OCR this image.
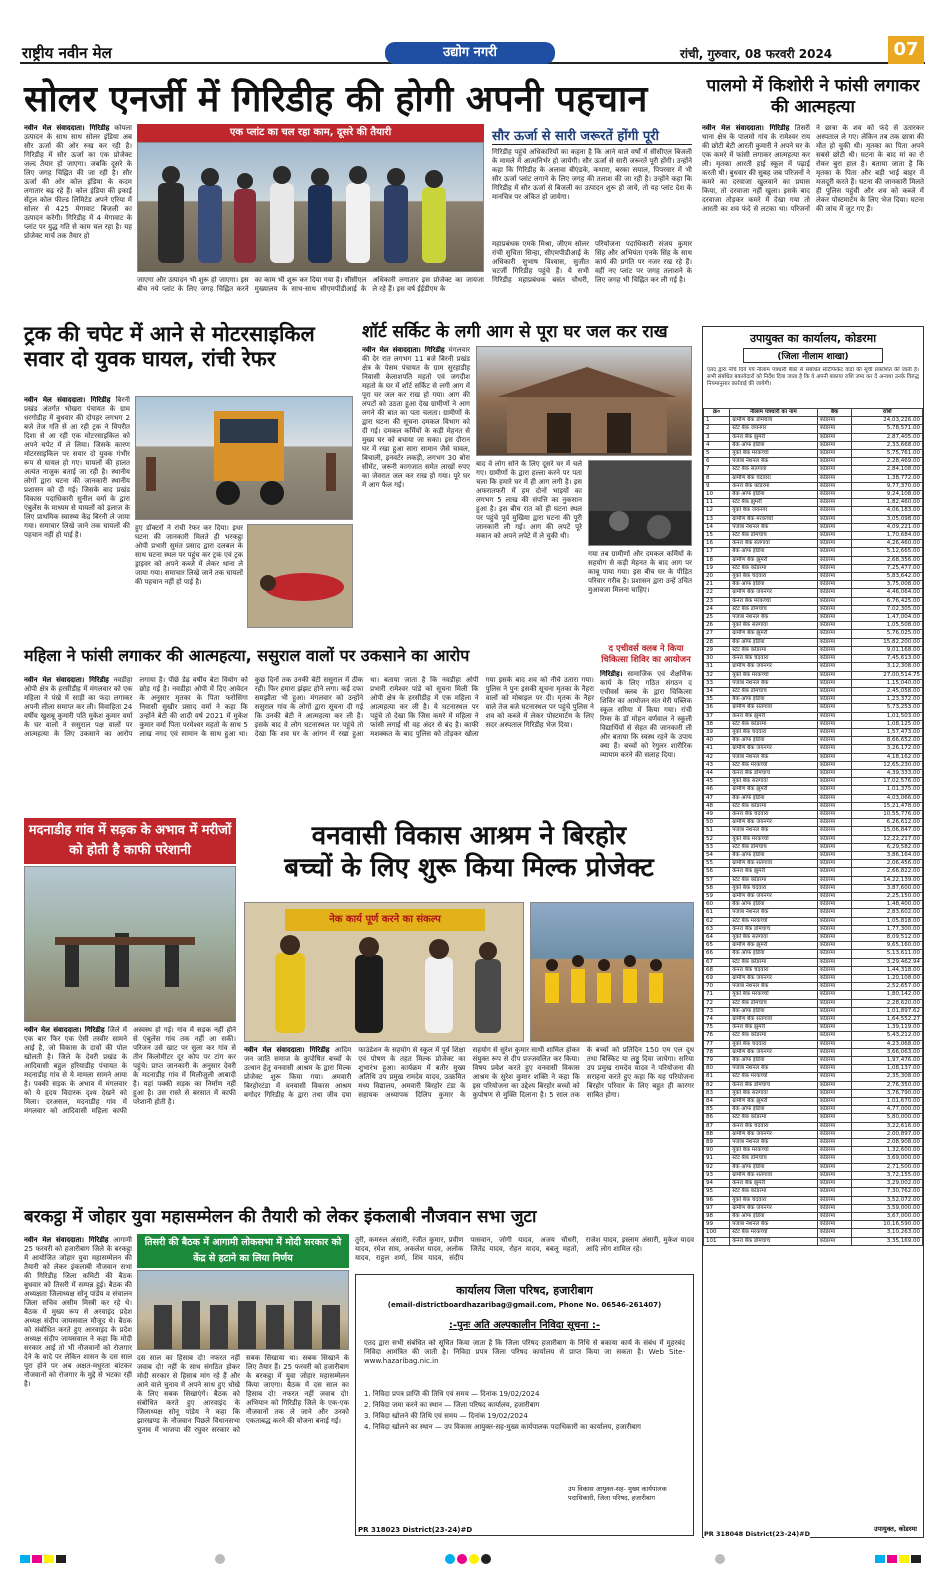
राष्ट्रीय नवीन मेल	उद्योग नगरी	रांची, गुरुवार, 08 फरवरी 2024	07
सोलर एनर्जी में गिरिडीह की होगी अपनी पहचान
नवीन मेल संवाददाता। गिरिडीह कोयला उत्पादन के साथ साथ सोलर इंडिया अब सौर ऊर्जा की ओर रुख कर रही है। गिरिडीह में सौर ऊर्जा का एक प्रोजेक्ट जल्द तैयार हो जाएगा। जबकि दूसरे के लिए जगह चिह्नित की जा रही है। सौर ऊर्जा की ओर कोल इंडिया के कदम लगातार बढ़ रहे हैं। कोल इंडिया की इकाई सेंट्रल कोल फील्ड लिमिटेड अपने एरिया में सोलर से 425 मेगावाट बिजली का उत्पादन करेगी। गिरिडीह में 4 मेगावाट के प्लांट पर युद्ध गति से काम चल रहा है। यह प्रोजेक्ट मार्च तक तैयार हो
एक प्लांट का चल रहा काम, दूसरे की तैयारी
जाएगा और उत्पादन भी शुरू हो जाएगा। इस बीच नये प्लांट के लिए जगह चिह्नित करने का काम भी शुरू कर दिया गया है। सीसीएल मुख्यालय के साथ-साथ सीएमपीडीआई के अधिकारी लगातार इस प्रोजेक्ट का जायजा ले रहे हैं। इस वर्ष ईईडीएम के
सौर ऊर्जा से सारी जरूरतें होंगी पूरी
गिरिडीह पहुंचे अधिकारियों का कहना है कि आने वाले वर्षों में सीसीएल बिजली के मामले में आत्मनिर्भर हो जायेगी। सौर ऊर्जा से सारी जरूरतें पूरी होंगी। उन्होंने कहा कि गिरिडीह के अलावा बीएंडके, कथारा, बरका सयाल, पिपरवार में भी सौर ऊर्जा प्लांट लगाने के लिए जगह की तलाश की जा रही है। उन्होंने कहा कि गिरिडीह में सौर ऊर्जा से बिजली का उत्पादन शुरू हो जाये, तो यह प्लांट देश के मानचित्र पर अंकित हो जायेगा।
महाप्रबंधक एमके मिश्रा, जीएम सोलर रांची सुचिता सिन्हा, सीएमपीडीआई के अधिकारी सुभाष विश्वास, सुजीत चटर्जी गिरिडीह पहुंचे हैं। ये सभी गिरिडीह महाप्रबंधक बसंत चौधरी, परियोजना पदाधिकारी संजय कुमार सिंह और अभियंता एनके सिंह के साथ कार्य की प्रगति पर नजर रख रहे हैं। वहीं नए प्लांट पर जगह तलाशने के लिए जगह भी चिह्नित कर ली गई है।
पालमो में किशोरी ने फांसी लगाकर की आत्महत्या
नवीन मेल संवाददाता। गिरिडीह तिसरी थाना क्षेत्र के पालमो गांव के रामेश्वर राय की छोटी बेटी आरती कुमारी ने अपने घर के एक कमरे में फांसी लगाकर आत्महत्या कर ली। मृतका आरती हाई स्कूल में पढ़ाई करती थी। बुधवार की सुबह जब परिजनों ने कमरे का दरवाजा खुलवाने का प्रयास किया, तो दरवाजा नहीं खुला। इसके बाद दरवाजा तोड़कर कमरे में देखा गया तो आरती का शव फंदे से लटका था। परिजनों ने छात्रा के शव को फंदे से उतारकर अस्पताल ले गए। लेकिन तब तक छात्रा की मौत हो चुकी थी। मृतका का पिता अपने सबसे छोटी थी। घटना के बाद मां का रो रोकर बुरा हाल है। बताया जाता है कि मृतका के पिता और बड़ी भाई बाहर में मजदूरी करते हैं। घटना की जानकारी मिलते ही पुलिस पहुंची और शव को कब्जे में लेकर पोस्टमार्टम के लिए भेज दिया। घटना की जांच में जुट गए हैं।
ट्रक की चपेट में आने से मोटरसाइकिल सवार दो युवक घायल, रांची रेफर
नवीन मेल संवाददाता। गिरिडीह बिरनी प्रखंड अंतर्गत भोखरा पंचायत के ग्राम धरगोडीह में बुधवार की दोपहर लगभग 2 बजे तेज गति से आ रही ट्रक ने विपरीत दिशा से आ रही एक मोटरसाइकिल को अपने चपेट में ले लिया। जिसके कारण मोटरसाइकिल पर सवार दो युवक गंभीर रूप से घायल हो गए। घायलों की हालत अत्यंत नाजुक बताई जा रही है। स्थानीय लोगों द्वारा घटना की जानकारी स्थानीय प्रशासन को दी गई। जिसके बाद प्रखंड विकास पदाधिकारी सुनील वर्मा के द्वारा एंबुलेंस के माध्यम से घायलों को इलाज के लिए प्राथमिक स्वास्थ्य केंद्र बिरनी ले जाया गया। समाचार लिखे जाने तक घायलों की पहचान नहीं हो पाई है।
हुए डॉक्टरों ने रांची रेफर कर दिया। इधर घटना की जानकारी मिलते ही भरकट्ठा ओपी प्रभारी सुमंत प्रसाद द्वारा दलबल के साथ घटना स्थल पर पहुंच कर ट्रक एवं ट्रक ड्राइवर को अपने कब्जे में लेकर थाना ले जाया गया। समाचार लिखे जाने तक घायलों की पहचान नहीं हो पाई है।
शॉर्ट सर्किट के लगी आग से पूरा घर जल कर राख
नवीन मेल संवाददाता। गिरिडीह मंगलवार की देर रात लगभग 11 बजे बिरनी प्रखंड क्षेत्र के पेसम पंचायत के ग्राम सुरहाडीह निवासी केलाशपति महतो एवं जगदीश महतो के घर में शॉर्ट सर्किट से लगी आग में पूरा घर जल कर राख हो गया। आग की लपटों को उठता हुआ देख ग्रामीणों ने आग लगने की बात का पता चलता। ग्रामीणों के द्वारा घटना की सूचना दमकल विभाग को दी गई। दमकल कर्मियों के कड़ी मेहनत से मुख्य घर को बचाया जा सका। इस दौरान घर में रखा हुआ सारा सामान जैसे चावल, बिचाली, इनवर्टर लकड़ी, लगभग 30 बोरा सीमेंट, जरूरी कागजात समेत लाखों रुपए का जेवरात जल कर राख हो गया। पूरे घर में आग फैल गई।
बाद वे लोग सोने के लिए दूसरे घर में चले गए। ग्रामीणों के द्वारा हल्ला करने पर पता चला कि हमारे घर में ही आग लगी है। इस अफरातफरी में हम दोनों भाइयों का लगभग 5 लाख की संपत्ति का नुकसान हुआ है। इस बीच रात को ही घटना स्थल पर पहुंचे पूर्व मुखिया द्वारा घटना की पूरी जानकारी ली गई। आग की लपटें पूरे मकान को अपने लपेटे में ले चुकी थी।
गया तब ग्रामीणों और दमकल कर्मियों के सहयोग से कड़ी मेहनत के बाद आग पर काबू पाया गया। इस बीच घर के पीड़ित परिवार गरीब है। प्रशासन द्वारा उन्हें उचित मुआवजा मिलना चाहिए।
महिला ने फांसी लगाकर की आत्महत्या, ससुराल वालों पर उकसाने का आरोप
नवीन मेल संवाददाता। गिरिडीह नवडीहा ओपी क्षेत्र के हरसीडीह में मंगलवार को एक महिला ने पंखे में साड़ी का फंदा लगाकर अपनी लीला समाप्त कर ली। विवाहिता 24 वर्षीय खुशबू कुमारी पति मुकेश कुमार वर्मा के घर वालों ने ससुराल पक्ष वालों पर आत्महत्या के लिए उकसाने का आरोप लगाया है। पीछे डेढ़ वर्षीय बेटा वियोग को छोड़ गई है। नवडीहा ओपी में दिए आवेदन के अनुसार मृतका के पिता फरोसिंगा निवासी सुखीर प्रसाद वर्मा ने कहा कि उन्होंने बेटी की शादी वर्ष 2021 में मुकेश कुमार वर्मा पिता परमेश्वर महतो के साथ 5 लाख नगद एवं सामान के साथ हुआ था। कुछ दिनों तक उनकी बेटी ससुराल में ठीक रही। फिर हमारा झंझट होने लगा। कई दफा समझौता भी हुआ। मंगलवार को उन्होंने ससुराल गांव के लोगों द्वारा सूचना दी गई कि उनकी बेटी ने आत्महत्या कर ली है। इसके बाद वे लोग घटनास्थल पर पहुंचे तो देखा कि शव घर के आंगन में रखा हुआ था। बताया जाता है कि नवडीहा ओपी प्रभारी रामेश्वर पांडे को सूचना मिली कि ओपी क्षेत्र के हरसीडीह में एक महिला ने आत्महत्या कर ली है। ये घटनास्थल पर पहुंचे तो देखा कि जिस कमरे में महिला ने फांसी लगाई थी वह अंदर से बंद है। काफी मशक्कत के बाद पुलिस को तोड़कर खोला गया इसके बाद शव को नीचे उतारा गया। पुलिस ने पुनः इसकी सूचना मृतका के नैहरा वालों को मोबाइल पर दी। मृतक के नैहर वाले तेज बजे घटनास्थल पर पहुंचे पुलिस ने शव को कब्जे में लेकर पोस्टमार्टम के लिए सदर अस्पताल गिरिडीह भेज दिया।
द एचीवर्स क्लब ने किया चिकित्सा शिविर का आयोजन
गिरिडीह। सामाजिक एवं शैक्षणिक कार्य के लिए गठित संगठन द एचीवर्स क्लब के द्वारा चिकित्सा शिविर का आयोजन संत मेरी पब्लिक स्कूल सरिया में किया गया। रांची रिम्स के डॉ मोहन वर्णवाल ने स्कूली विद्यार्थियों से सेहत की जानकारी ली और बताया कि स्वस्थ रहने के उपाय क्या हैं। बच्चों को रेगुलर शारीरिक व्यायाम करने की सलाह दिया।
मदनाडीह गांव में सड़क के अभाव में मरीजों को होती है काफी परेशानी
नवीन मेल संवाददाता। गिरिडीह जिले में एक बार फिर एक ऐसी तस्वीर सामने आई है, जो विकास के दावों की पोल खोलती है। जिले के देवरी प्रखंड के आदिवासी बहुल हरियाडीह पंचायत के मदनाडीह गांव से ये मामला सामने आया है। पक्की सड़क के अभाव में मंगलवार को ये हृदय विदारक दृश्य देखने को मिला। दरअसल, मदनाडीह गांव में मंगलवार को आदिवासी महिला काफी अस्वस्थ हो गई। गांव में सड़क नहीं होने से एंबुलेंस गांव तक नहीं आ सकी। परिजन उसे खाट पर सुला कर गांव से तीन किलोमीटर दूर कोप पर टांग कर पहुंचे। प्राप्त जानकारी के अनुसार देवरी के मदनाडीह गांव में मिलीजुली आबादी है। यहां पक्की सड़क का निर्माण नहीं हुआ है। उस रास्ते से बरसात में काफी परेशानी होती है।
वनवासी विकास आश्रम ने बिरहोर
बच्चों के लिए शुरू किया मिल्क प्रोजेक्ट
नेक कार्य पूर्ण करने का संकल्प
नवीन मेल संवाददाता। गिरिडीह आदिम जन जाति समाज के कुपोषित बच्चों के उत्थान हेतु वनवासी आश्रम के द्वारा मिल्क प्रोजेक्ट शुरू किया गया। अमवारी बिरहोरटंडा में वनवासी विकास आश्रम बगोदर गिरिडीह के द्वारा तथा जीव दया फाउंडेशन के सहयोग से स्कूल में पूर्व शिक्षा एवं पोषण के तहत मिल्क प्रोजेक्ट का शुभारंभ हुआ। कार्यक्रम में बतौर मुख्य अतिथि उप प्रमुख रामदेव यादव, उत्क्रमित मध्य विद्यालय, अमवारी बिरहोर टंडा के सहायक अध्यापक दिलिप कुमार के सहयोग से सुरेश कुमार साथी शामिल होकर संयुक्त रूप से दीप प्रज्जवलित कर किया। विषय प्रवेश करते हुए वनवासी विकास आश्रम के सुरेश कुमार शक्ति ने कहा कि इस परियोजना का उद्देश्य बिरहोर बच्चों को कुपोषण से मुक्ति दिलाना है। 5 साल तक के बच्चों को प्रतिदिन 150 एम एल दूध तथा बिस्किट या लड्डू दिया जायेगा। सरिया उप प्रमुख रामदेव यादव ने परियोजना की सराहना करते हुए कहा कि यह परियोजना बिरहोर परिवार के लिए बहुत ही कारगर साबित होगा।
बरकट्ठा में जोहार युवा महासम्मेलन की तैयारी को लेकर इंकलाबी नौजवान सभा जुटा
नवीन मेल संवाददाता। गिरिडीह आगामी 25 फरवरी को हजारीबाग जिले के बरकट्ठा में आयोजित जोहार युवा महासम्मेलन की तैयारी को लेकर इंकलाबी नौजवान सभा की गिरिडीह जिला कमिटी की बैठक बुधवार को तिसरी में सम्पन्न हुई। बैठक की अध्यक्षता जिलाध्यक्ष सोनू पांडेय व संचालन जिला सचिव असीम मिस्त्री कर रहे थे। बैठक में मुख्य रूप से अरवाइंद प्रदेश अध्यक्ष संदीप जायसवाल मौजूद थे। बैठक को संबोधित करते हुए आरवाइंद के प्रदेश अध्यक्ष संदीप जायसवाल ने कहा कि मोदी सरकार आई तो भी नौजवानों को रोजगार देने के वादे पर लेकिन शासन के दस साल पूरा होने पर अब अक्षत-मधुरता बांटकर नौजवानों को रोजगार के मुद्दे से भटका रही है।
तिसरी की बैठक में आगामी लोकसभा में मोदी सरकार को केंद्र से हटाने का लिया निर्णय
दस साल का हिसाब दो! नफरत नहीं जवाब दो! नहीं के साथ संगठित होकर मोदी सरकार से हिसाब मांग रहे हैं और आने वाले चुनाव में अपने साथ हुए धोखे के लिए सबक सिखाएंगे। बैठक को संबोधित करते हुए आरवाइंद के जिलाध्यक्ष सोनू पांडेय ने कहा कि झारखण्ड के नौजवान पिछले विधानसभा चुनाव में भाजपा की रघुवर सरकार को सबक सिखाया था। सबक सिखाने के लिए तैयार हैं। 25 फरवरी को हजारीबाग के बरकट्ठा में युवा जोहार महासम्मेलन किया जाएगा। बैठक में दस साल का हिसाब दो! नफरत नहीं जवाब दो! अभियान को गिरिडीह जिले के एक-एक नौजवानों तक ले जाने और उनको एकताबद्ध करने की योजना बनाई गई।
तुरी, कमरुल अंसारी, रंजीत कुमार, प्रवीण यादव, रमेश साव, अकलेश यादव, अलोक यादव, राहुल शर्मा, शिव यादव, संदीप पासवान, जोगी यादव, अजय चौधरी, जितेंद्र यादव, रोहन यादव, बबलू महतो, राजेश यादव, इस्लाम अंसारी, मुकेश यादव आदि लोग शामिल रहे।
कार्यालय जिला परिषद, हजारीबाग
(email-districtboardhazaribag@gmail.com, Phone No. 06546-261407)
:-पुनः अति अल्पकालीन निविदा सूचना :-
एतद द्वारा सभी संबंधित को सूचित किया जाता है कि जिला परिषद हजारीबाग के निधि से बकाया कार्य के संबंध में मुहरबंद निविदा आमंत्रित की जाती है। निविदा प्रपत्र जिला परिषद कार्यालय से प्राप्त किया जा सकता है। Web Site- www.hazaribag.nic.in
1. निविदा प्रपत्र प्राप्ति की तिथि एवं समय — दिनांक 19/02/2024
2. निविदा जमा करने का स्थान — जिला परिषद कार्यालय, हजारीबाग
3. निविदा खोलने की तिथि एवं समय — दिनांक 19/02/2024
4. निविदा खोलने का स्थान — उप विकास आयुक्त-सह-मुख्य कार्यपालक पदाधिकारी का कार्यालय, हजारीबाग
उप विकास आयुक्त-सह- मुख्य कार्यपालक पदाधिकारी, जिला परिषद, हजारीबाग
PR 318023 District(23-24)#D
उपायुक्त का कार्यालय, कोडरमा
(जिला नीलाम शाखा)
एतद द्वारा नीचे दिये गये नीलाम पत्रधारी बैंकों से संबंधित सर्टिफिकेट वादों की सूची प्रकाशित की जाती है। सभी संबंधित बकायेदारों को निर्देश दिया जाता है कि वे अपनी बकाया राशि जमा कर दें अन्यथा उनके विरुद्ध नियमानुसार कार्रवाई की जायेगी।
क्र०	नीलाम पत्रधारी का नाम	बैंक	राशि
1	ग्रामीण बैंक डोमचांच	कोडरमा	24,03,226.00
2	स्टेट बैंक जयनगर	कोडरमा	5,78,571.00
3	केनरा बैंक झुमरी	कोडरमा	2,87,405.00
4	बैंक ऑफ इंडिया	कोडरमा	2,33,668.00
5	यूको बैंक मरकच्चो	कोडरमा	5,75,761.00
6	पंजाब नेशनल बैंक	कोडरमा	2,28,469.00
7	स्टेट बैंक सतगावां	कोडरमा	2,84,108.00
8	ग्रामीण बैंक चंदवारा	कोडरमा	1,38,772.00
9	केनरा बैंक कोडरमा	कोडरमा	9,77,370.00
10	बैंक ऑफ इंडिया	कोडरमा	9,24,108.00
11	स्टेट बैंक झुमरी	कोडरमा	1,82,460.00
12	यूको बैंक जयनगर	कोडरमा	4,06,183.00
13	ग्रामीण बैंक मरकच्चो	कोडरमा	3,05,098.00
14	पंजाब नेशनल बैंक	कोडरमा	4,09,221.00
15	स्टेट बैंक डोमचांच	कोडरमा	1,70,684.00
16	केनरा बैंक सतगावां	कोडरमा	4,26,460.00
17	बैंक ऑफ इंडिया	कोडरमा	5,12,665.00
18	ग्रामीण बैंक झुमरी	कोडरमा	2,68,356.00
19	स्टेट बैंक कोडरमा	कोडरमा	7,25,477.00
20	यूको बैंक चंदवारा	कोडरमा	5,83,642.00
21	बैंक ऑफ इंडिया	कोडरमा	3,75,008.00
22	ग्रामीण बैंक जयनगर	कोडरमा	4,46,064.00
23	केनरा बैंक मरकच्चो	कोडरमा	6,76,425.00
24	स्टेट बैंक डोमचांच	कोडरमा	7,02,305.00
25	पंजाब नेशनल बैंक	कोडरमा	1,47,004.00
26	यूको बैंक सतगावां	कोडरमा	1,05,508.00
27	ग्रामीण बैंक झुमरी	कोडरमा	5,76,025.00
28	बैंक ऑफ इंडिया	कोडरमा	15,82,200.00
29	स्टेट बैंक कोडरमा	कोडरमा	9,01,168.00
30	केनरा बैंक चंदवारा	कोडरमा	7,45,613.00
31	ग्रामीण बैंक जयनगर	कोडरमा	3,12,308.00
32	यूको बैंक मरकच्चो	कोडरमा	27,00,514.75
33	पंजाब नेशनल बैंक	कोडरमा	1,15,040.00
34	स्टेट बैंक डोमचांच	कोडरमा	2,45,058.00
35	बैंक ऑफ इंडिया	कोडरमा	1,23,372.00
36	ग्रामीण बैंक सतगावां	कोडरमा	5,73,253.00
37	केनरा बैंक झुमरी	कोडरमा	1,01,503.00
38	स्टेट बैंक कोडरमा	कोडरमा	1,08,125.00
39	यूको बैंक चंदवारा	कोडरमा	1,57,473.00
40	बैंक ऑफ इंडिया	कोडरमा	8,66,652.00
41	ग्रामीण बैंक जयनगर	कोडरमा	3,26,172.00
42	पंजाब नेशनल बैंक	कोडरमा	4,18,162.00
43	स्टेट बैंक मरकच्चो	कोडरमा	12,65,230.00
44	केनरा बैंक डोमचांच	कोडरमा	4,39,333.00
45	यूको बैंक सतगावां	कोडरमा	17,02,576.00
46	ग्रामीण बैंक झुमरी	कोडरमा	1,01,375.00
47	बैंक ऑफ इंडिया	कोडरमा	4,03,066.00
48	स्टेट बैंक कोडरमा	कोडरमा	15,21,478.00
49	केनरा बैंक चंदवारा	कोडरमा	10,55,776.00
50	ग्रामीण बैंक जयनगर	कोडरमा	6,26,612.00
51	पंजाब नेशनल बैंक	कोडरमा	15,06,847.00
52	यूको बैंक मरकच्चो	कोडरमा	12,22,217.00
53	स्टेट बैंक डोमचांच	कोडरमा	6,29,582.00
54	बैंक ऑफ इंडिया	कोडरमा	3,86,164.00
55	ग्रामीण बैंक सतगावां	कोडरमा	2,06,456.00
56	केनरा बैंक झुमरी	कोडरमा	2,66,822.00
57	स्टेट बैंक कोडरमा	कोडरमा	14,22,139.00
58	यूको बैंक चंदवारा	कोडरमा	3,87,600.00
59	ग्रामीण बैंक जयनगर	कोडरमा	2,25,150.00
60	बैंक ऑफ इंडिया	कोडरमा	1,48,400.00
61	पंजाब नेशनल बैंक	कोडरमा	2,83,602.00
62	स्टेट बैंक मरकच्चो	कोडरमा	1,05,818.00
63	केनरा बैंक डोमचांच	कोडरमा	1,77,300.00
64	यूको बैंक सतगावां	कोडरमा	8,09,512.00
65	ग्रामीण बैंक झुमरी	कोडरमा	9,65,160.00
66	बैंक ऑफ इंडिया	कोडरमा	5,13,611.00
67	स्टेट बैंक कोडरमा	कोडरमा	3,29,462.94
68	केनरा बैंक चंदवारा	कोडरमा	1,44,318.00
69	ग्रामीण बैंक जयनगर	कोडरमा	1,20,108.00
70	पंजाब नेशनल बैंक	कोडरमा	2,52,657.00
71	यूको बैंक मरकच्चो	कोडरमा	1,80,142.00
72	स्टेट बैंक डोमचांच	कोडरमा	2,28,620.00
73	बैंक ऑफ इंडिया	कोडरमा	1,01,897.62
74	ग्रामीण बैंक सतगावां	कोडरमा	1,64,552.27
75	केनरा बैंक झुमरी	कोडरमा	1,39,119.00
76	स्टेट बैंक कोडरमा	कोडरमा	5,43,212.00
77	यूको बैंक चंदवारा	कोडरमा	4,23,068.00
78	ग्रामीण बैंक जयनगर	कोडरमा	3,66,063.00
79	बैंक ऑफ इंडिया	कोडरमा	1,97,476.00
80	पंजाब नेशनल बैंक	कोडरमा	1,08,137.00
81	स्टेट बैंक मरकच्चो	कोडरमा	2,35,308.00
82	केनरा बैंक डोमचांच	कोडरमा	2,76,350.00
83	यूको बैंक सतगावां	कोडरमा	3,76,790.00
84	ग्रामीण बैंक झुमरी	कोडरमा	1,01,670.00
85	बैंक ऑफ इंडिया	कोडरमा	4,77,000.00
86	स्टेट बैंक कोडरमा	कोडरमा	5,80,000.00
87	केनरा बैंक चंदवारा	कोडरमा	3,22,616.00
88	ग्रामीण बैंक जयनगर	कोडरमा	2,00,897.00
89	पंजाब नेशनल बैंक	कोडरमा	2,08,908.00
90	यूको बैंक मरकच्चो	कोडरमा	1,32,600.00
91	स्टेट बैंक डोमचांच	कोडरमा	3,69,000.00
92	बैंक ऑफ इंडिया	कोडरमा	2,71,500.00
93	ग्रामीण बैंक सतगावां	कोडरमा	3,72,155.00
94	केनरा बैंक झुमरी	कोडरमा	3,29,002.00
95	स्टेट बैंक कोडरमा	कोडरमा	7,30,762.00
96	यूको बैंक चंदवारा	कोडरमा	3,52,072.00
97	ग्रामीण बैंक जयनगर	कोडरमा	3,59,000.00
98	बैंक ऑफ इंडिया	कोडरमा	3,67,000.00
99	पंजाब नेशनल बैंक	कोडरमा	10,16,590.00
100	स्टेट बैंक मरकच्चो	कोडरमा	3,10,263.00
101	केनरा बैंक डोमचांच	कोडरमा	3,35,169.00
उपायुक्त, कोडरमा
PR 318048 District(23-24)#D
